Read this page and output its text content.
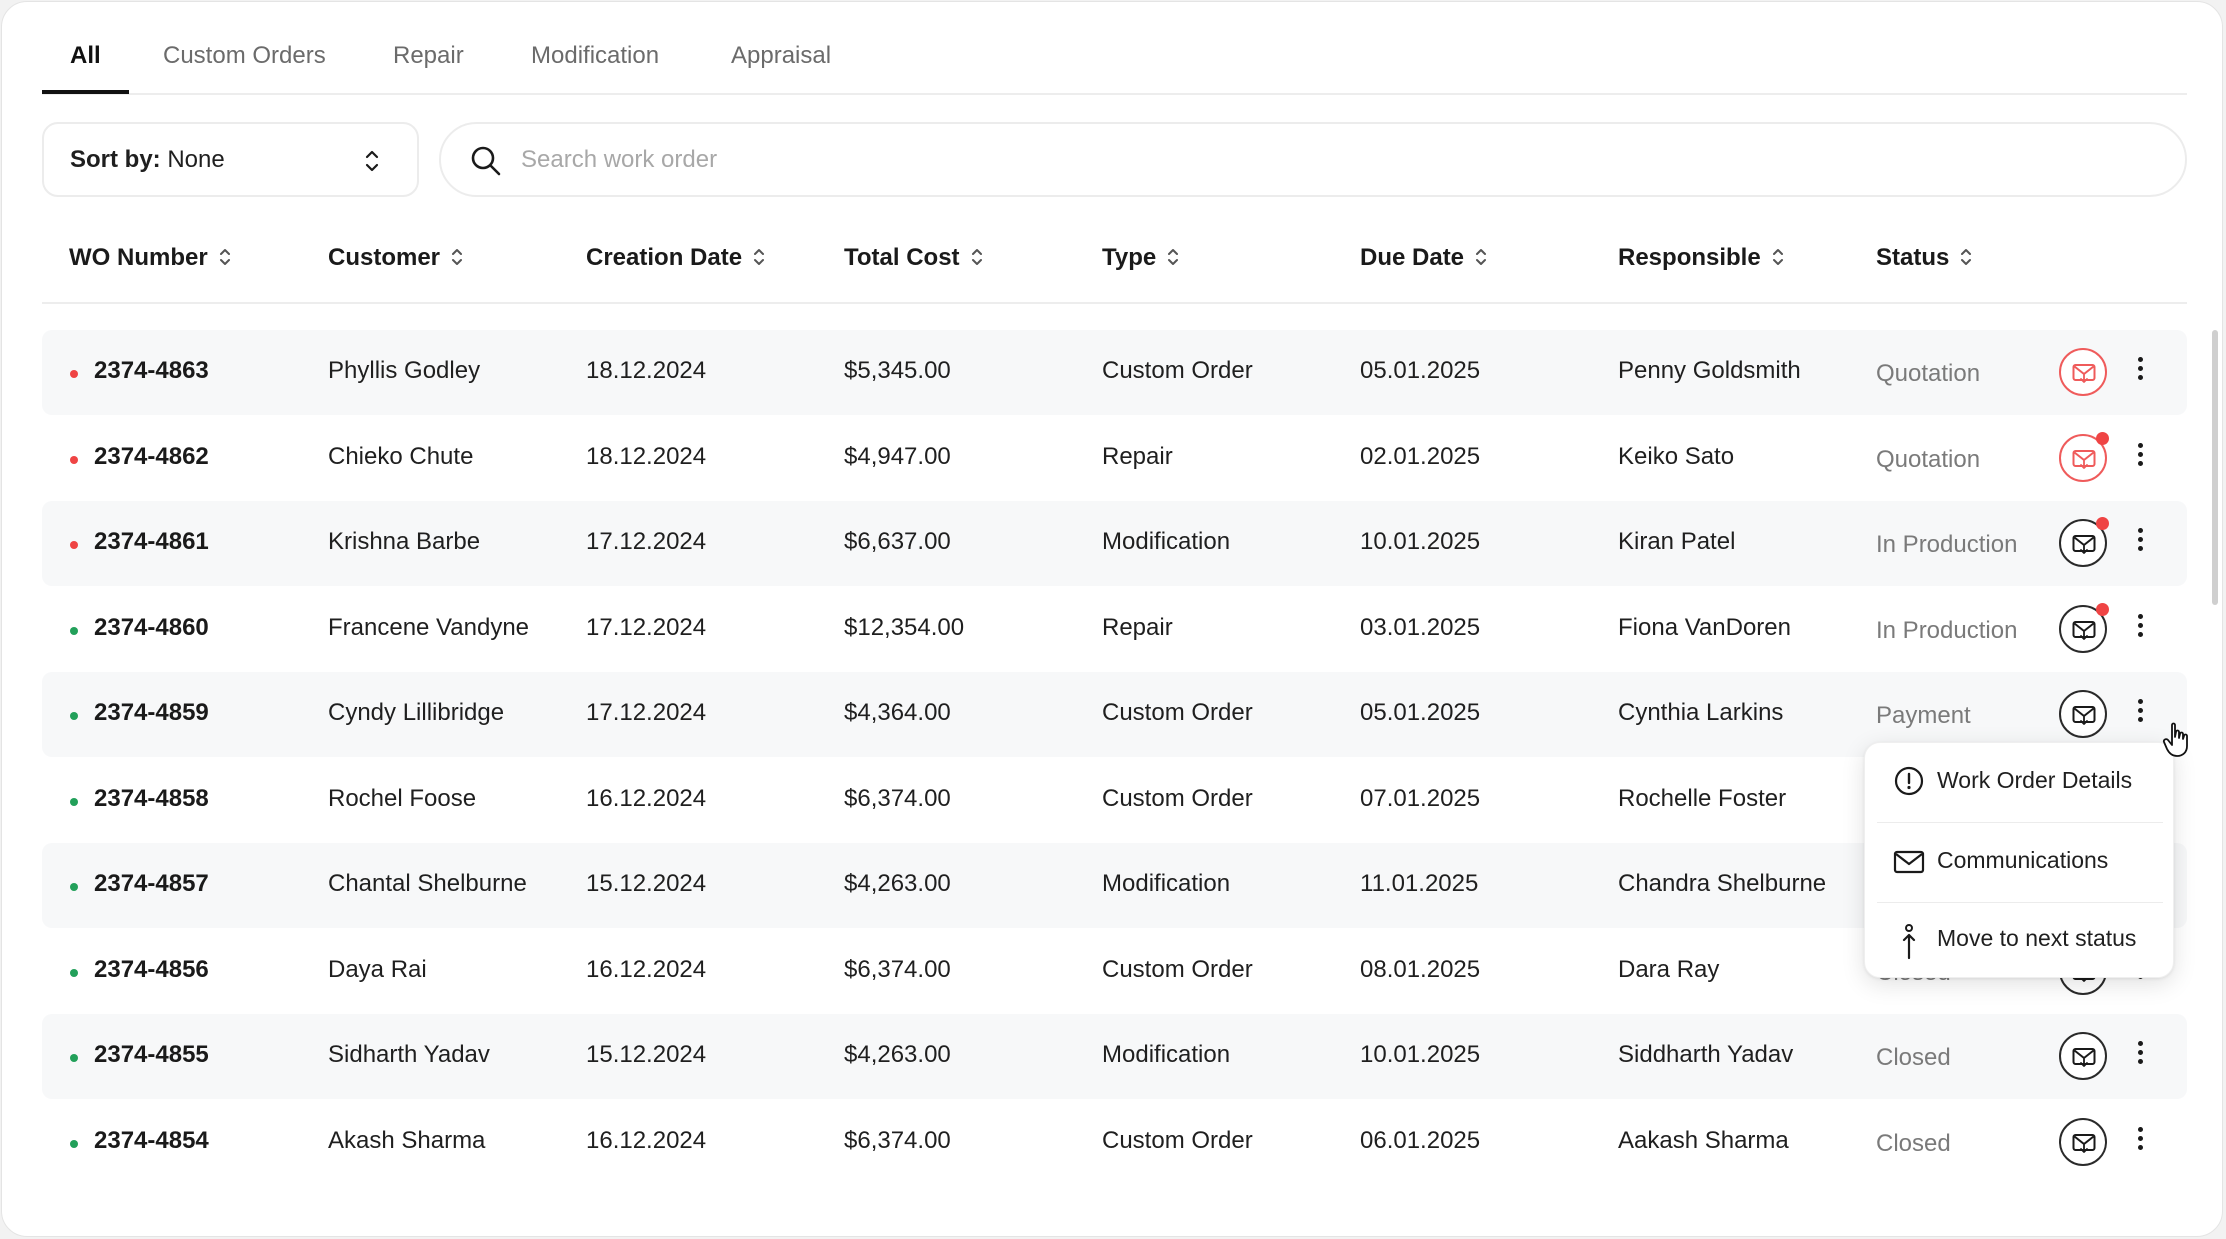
All	Custom Orders	Repair	Modification	Appraisal
Sort by: None
Search work order
WO Number	Customer	Creation Date	Total Cost	Type	Due Date	Responsible	Status
2374-4863	Phyllis Godley	18.12.2024	$5,345.00	Custom Order	05.01.2025	Penny Goldsmith	Quotation
2374-4862	Chieko Chute	18.12.2024	$4,947.00	Repair	02.01.2025	Keiko Sato	Quotation
2374-4861	Krishna Barbe	17.12.2024	$6,637.00	Modification	10.01.2025	Kiran Patel	In Production
2374-4860	Francene Vandyne 17.12.2024	$12,354.00	Repair	03.01.2025	Fiona VanDoren	In Production
2374-4859	Cyndy Lillibridge	17.12.2024	$4,364.00	Custom Order	05.01.2025	Cynthia Larkins	Payment
2374-4858	Rochel Foose	16.12.2024	$6,374.00	Custom Order	07.01.2025	Rochelle Foster
2374-4857	Chantal Shelburne 15.12.2024	$4,263.00	Modification	11.01.2025	Chandra Shelburne
2374-4856	Daya Rai	16.12.2024	$6,374.00	Custom Order	08.01.2025	Dara Ray
2374-4855	Sidharth Yadav	15.12.2024	$4,263.00	Modification	10.01.2025	Siddharth Yadav	Closed
2374-4854	Akash Sharma	16.12.2024	$6,374.00	Custom Order	06.01.2025	Aakash Sharma	Closed
Work Order Details
Communications
Move to next status
